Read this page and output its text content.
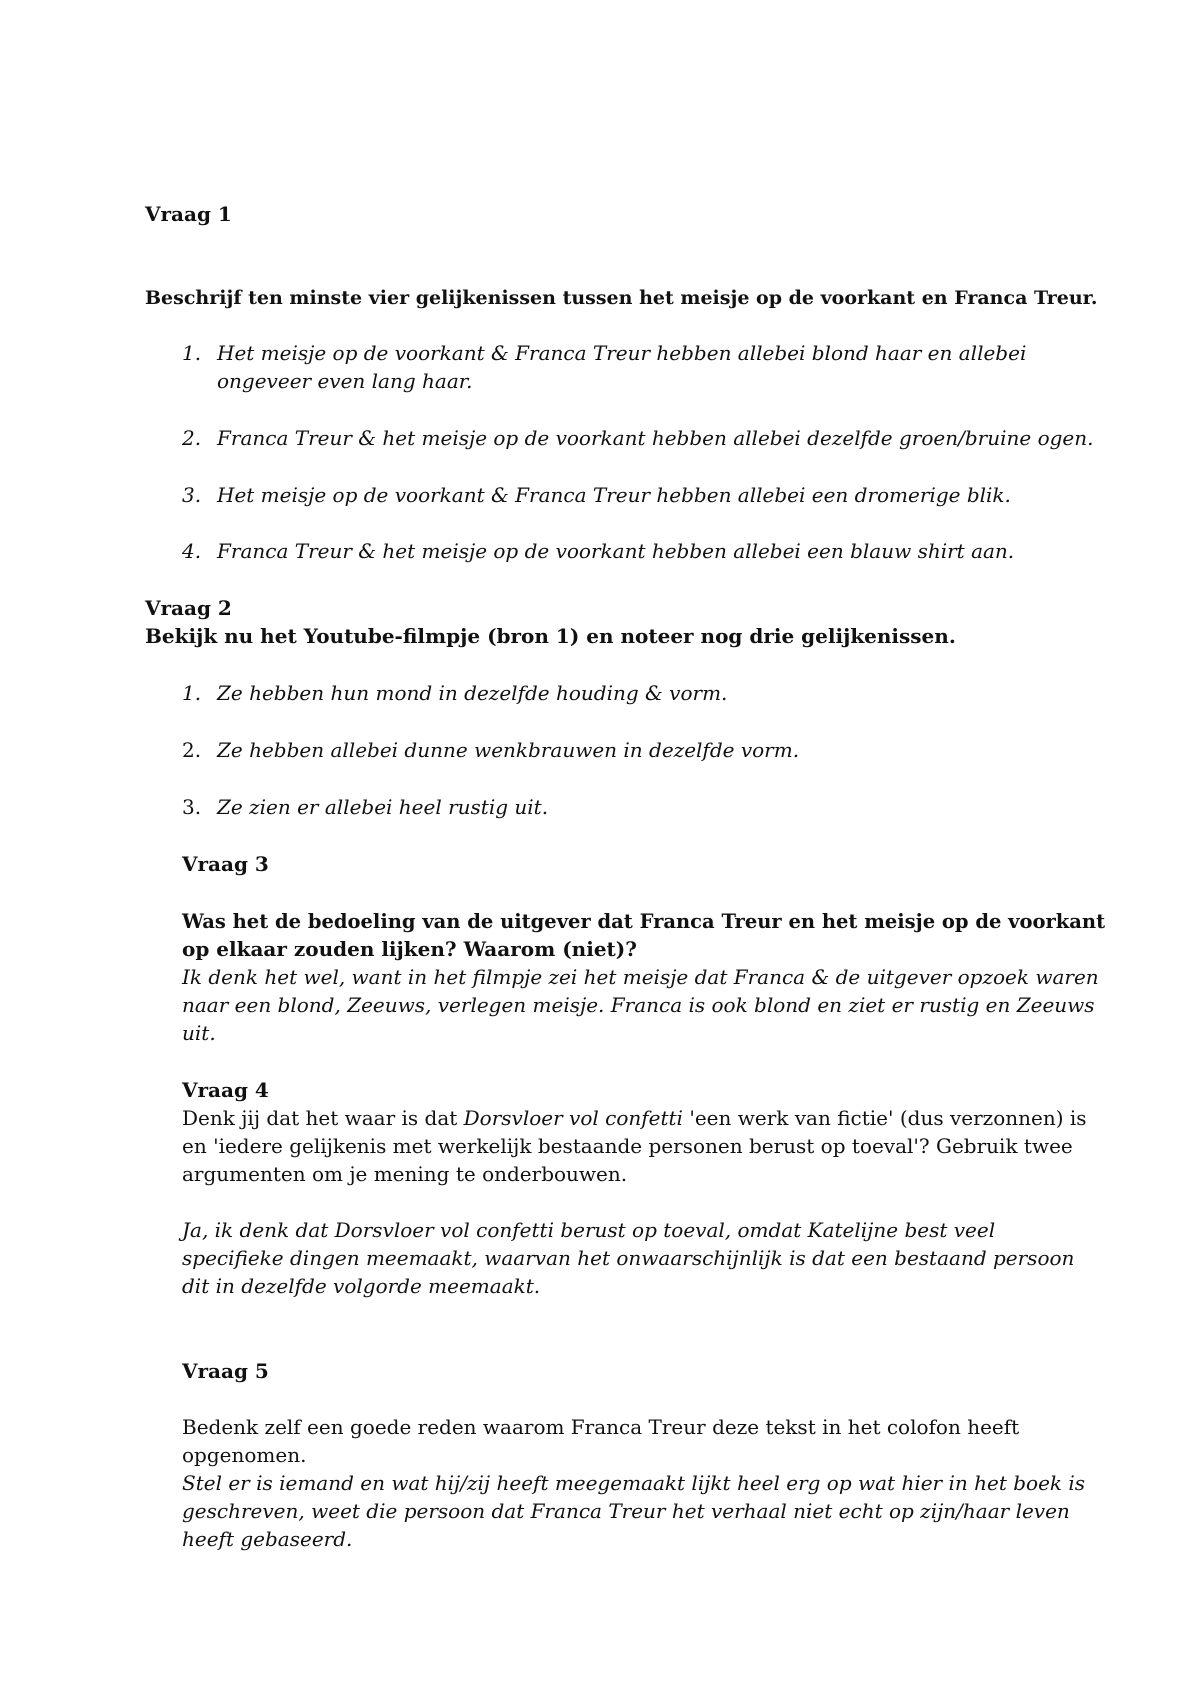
Vraag 1

Beschrijf ten minste vier gelijkenissen tussen het meisje op de voorkant en Franca Treur.

1. Het meisje op de voorkant & Franca Treur hebben allebei blond haar en allebei
ongeveer even lang haar.
2. Franca Treur & het meisje op de voorkant hebben allebei dezelfde groen/bruine ogen.
3. Het meisje op de voorkant & Franca Treur hebben allebei een dromerige blik.
4. Franca Treur & het meisje op de voorkant hebben allebei een blauw shirt aan.

Vraag 2

Bekijk nu het Youtube-filmpje (bron 1) en noteer nog drie gelijkenissen.

1. Ze hebben hun mond in dezelfde houding & vorm.
2. Ze hebben allebei dunne wenkbrauwen in dezelfde vorm.
3. Ze zien er allebei heel rustig uit.

Vraag 3

Was het de bedoeling van de uitgever dat Franca Treur en het meisje op de voorkant

op elkaar zouden lijken? Waarom (niet)?

Ik denk het wel, want in het filmpje zei het meisje dat Franca & de uitgever opzoek waren

naar een blond, Zeeuws, verlegen meisje. Franca is ook blond en ziet er rustig en Zeeuws

uit.

Vraag 4

Denk jij dat het waar is dat Dorsvloer vol confetti 'een werk van fictie' (dus verzonnen) is

en 'iedere gelijkenis met werkelijk bestaande personen berust op toeval'? Gebruik twee

argumenten om je mening te onderbouwen.

Ja, ik denk dat Dorsvloer vol confetti berust op toeval, omdat Katelijne best veel

specifieke dingen meemaakt, waarvan het onwaarschijnlijk is dat een bestaand persoon

dit in dezelfde volgorde meemaakt.

Vraag 5

Bedenk zelf een goede reden waarom Franca Treur deze tekst in het colofon heeft

opgenomen.

Stel er is iemand en wat hij/zij heeft meegemaakt lijkt heel erg op wat hier in het boek is

geschreven, weet die persoon dat Franca Treur het verhaal niet echt op zijn/haar leven

heeft gebaseerd.
